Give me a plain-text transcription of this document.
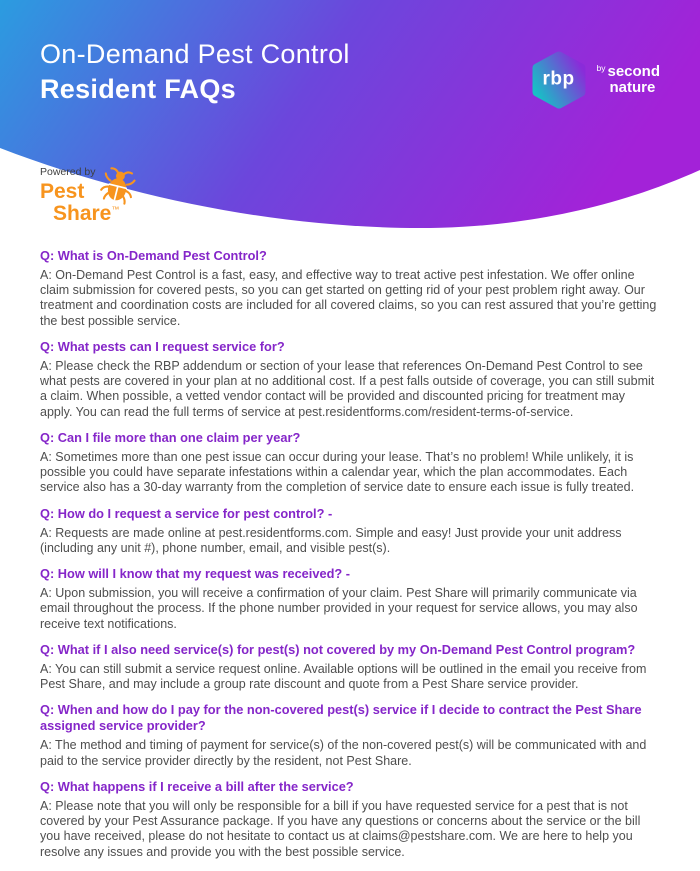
On-Demand Pest Control
Resident FAQs	rbp
by second
nature
Powered by
Pest
Share™
Q: What is On-Demand Pest Control?

A: On-Demand Pest Control is a fast, easy, and effective way to treat active pest infestation. We offer online claim submission for covered pests, so you can get started on getting rid of your pest problem right away. Our treatment and coordination costs are included for all covered claims, so you can rest assured that you’re getting the best possible service.

Q: What pests can I request service for?

A: Please check the RBP addendum or section of your lease that references On-Demand Pest Control to see what pests are covered in your plan at no additional cost. If a pest falls outside of coverage, you can still submit a claim. When possible, a vetted vendor contact will be provided and discounted pricing for treatment may apply. You can read the full terms of service at pest.residentforms.com/resident-terms-of-service.

Q: Can I file more than one claim per year?

A: Sometimes more than one pest issue can occur during your lease. That’s no problem! While unlikely, it is possible you could have separate infestations within a calendar year, which the plan accommodates. Each service also has a 30-day warranty from the completion of service date to ensure each issue is fully treated.

Q: How do I request a service for pest control? -

A: Requests are made online at pest.residentforms.com. Simple and easy! Just provide your unit address (including any unit #), phone number, email, and visible pest(s).

Q: How will I know that my request was received? -

A: Upon submission, you will receive a confirmation of your claim. Pest Share will primarily communicate via email throughout the process. If the phone number provided in your request for service allows, you may also receive text notifications.

Q: What if I also need service(s) for pest(s) not covered by my On-Demand Pest Control program?

A: You can still submit a service request online. Available options will be outlined in the email you receive from Pest Share, and may include a group rate discount and quote from a Pest Share service provider.

Q: When and how do I pay for the non-covered pest(s) service if I decide to contract the Pest Share assigned service provider?

A: The method and timing of payment for service(s) of the non-covered pest(s) will be communicated with and paid to the service provider directly by the resident, not Pest Share.

Q: What happens if I receive a bill after the service?

A: Please note that you will only be responsible for a bill if you have requested service for a pest that is not covered by your Pest Assurance package. If you have any questions or concerns about the service or the bill you have received, please do not hesitate to contact us at claims@pestshare.com. We are here to help you resolve any issues and provide you with the best possible service.
